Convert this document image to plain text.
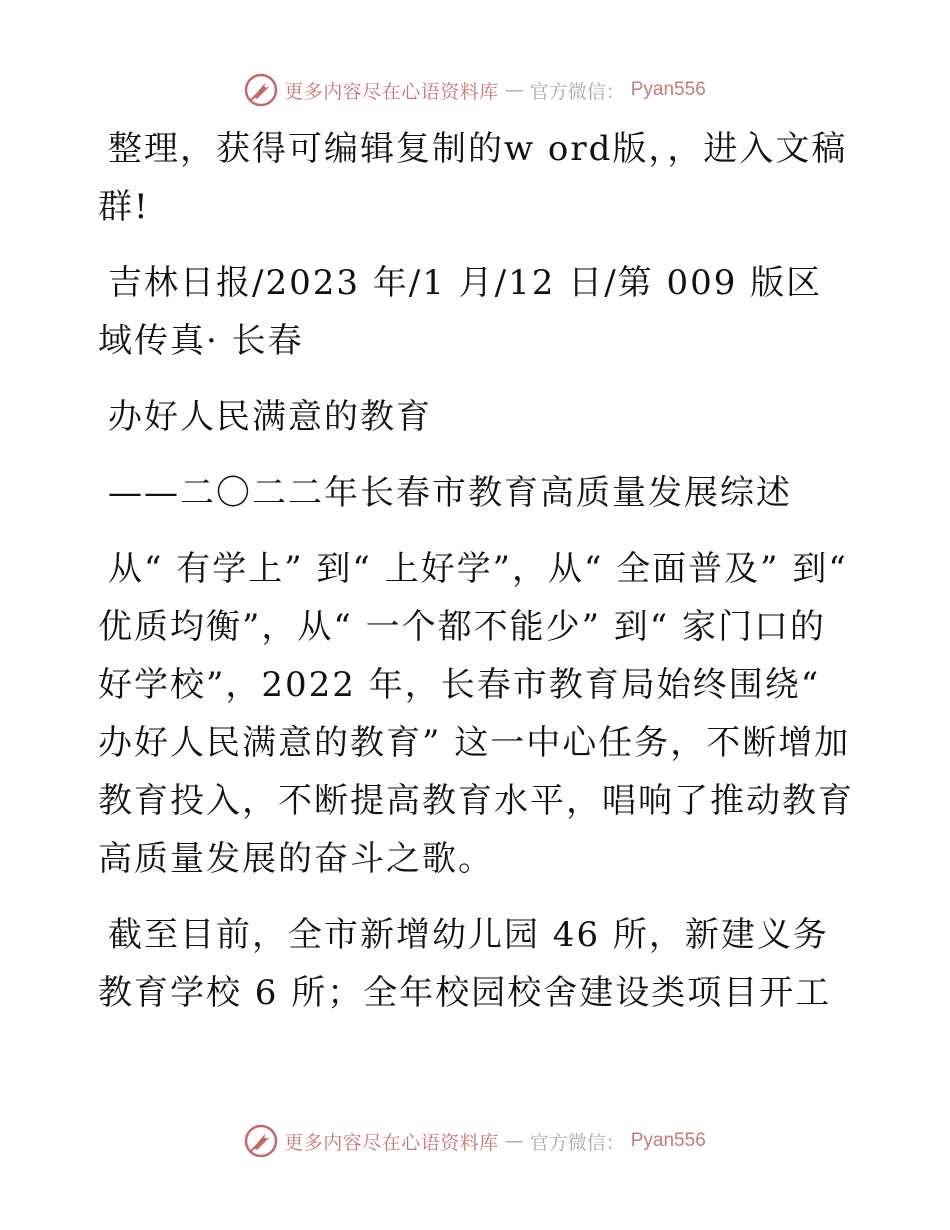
更多内容尽在心语资料库 — 官方微信： Pyan556

整理，获得可编辑复制的w ord版，，进入文稿群!

吉林日报/2023 年/1 月/12 日/第 009 版区域传真· 长春

办好人民满意的教育

——二〇二二年长春市教育高质量发展综述

从“ 有学上” 到“ 上好学”，从“ 全面普及” 到“ 优质均衡”，从“ 一个都不能少” 到“ 家门口的好学校”，2022 年，长春市教育局始终围绕“ 办好人民满意的教育” 这一中心任务，不断增加教育投入，不断提高教育水平，唱响了推动教育高质量发展的奋斗之歌。

截至目前，全市新增幼儿园 46 所，新建义务教育学校 6 所；全年校园校舍建设类项目开工

更多内容尽在心语资料库 — 官方微信： Pyan556
